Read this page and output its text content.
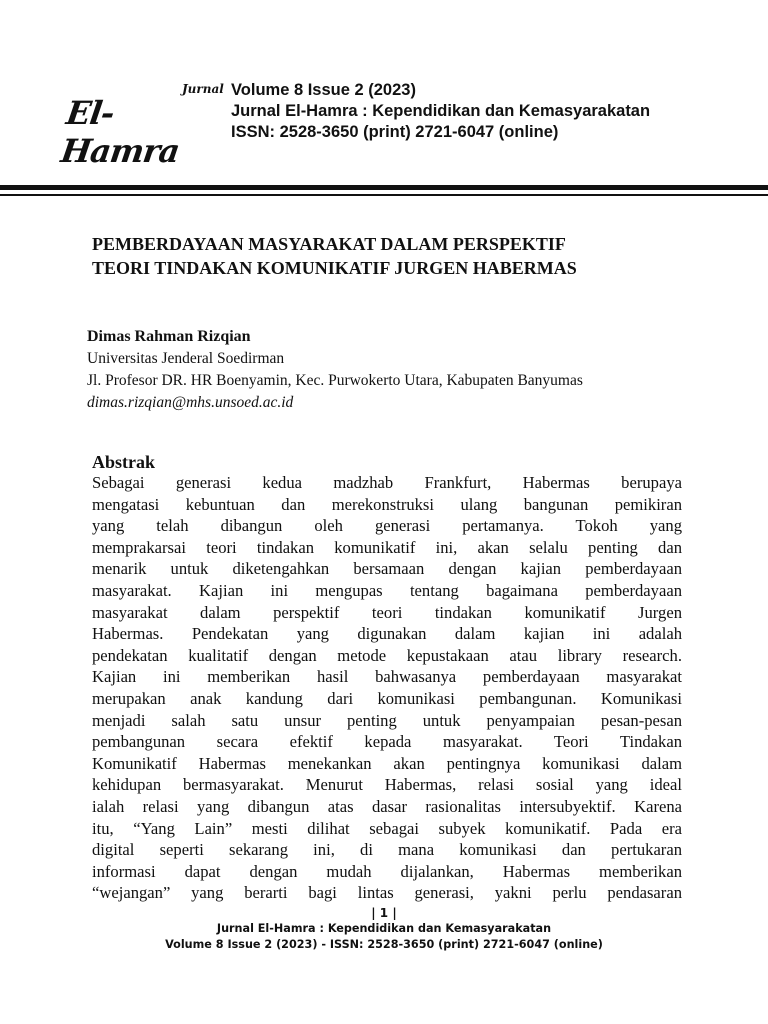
Jurnal
El-Hamra
Volume 8 Issue 2 (2023)
Jurnal El-Hamra : Kependidikan dan Kemasyarakatan
ISSN: 2528-3650 (print) 2721-6047 (online)
PEMBERDAYAAN MASYARAKAT DALAM PERSPEKTIF
TEORI TINDAKAN KOMUNIKATIF JURGEN HABERMAS
Dimas Rahman Rizqian
Universitas Jenderal Soedirman
Jl. Profesor DR. HR Boenyamin, Kec. Purwokerto Utara, Kabupaten Banyumas
dimas.rizqian@mhs.unsoed.ac.id
Abstrak
Sebagai generasi kedua madzhab Frankfurt, Habermas berupaya
mengatasi kebuntuan dan merekonstruksi ulang bangunan pemikiran
yang telah dibangun oleh generasi pertamanya. Tokoh yang
memprakarsai teori tindakan komunikatif ini, akan selalu penting dan
menarik untuk diketengahkan bersamaan dengan kajian pemberdayaan
masyarakat. Kajian ini mengupas tentang bagaimana pemberdayaan
masyarakat dalam perspektif teori tindakan komunikatif Jurgen
Habermas. Pendekatan yang digunakan dalam kajian ini adalah
pendekatan kualitatif dengan metode kepustakaan atau library research.
Kajian ini memberikan hasil bahwasanya pemberdayaan masyarakat
merupakan anak kandung dari komunikasi pembangunan. Komunikasi
menjadi salah satu unsur penting untuk penyampaian pesan-pesan
pembangunan secara efektif kepada masyarakat. Teori Tindakan
Komunikatif Habermas menekankan akan pentingnya komunikasi dalam
kehidupan bermasyarakat. Menurut Habermas, relasi sosial yang ideal
ialah relasi yang dibangun atas dasar rasionalitas intersubyektif. Karena
itu, “Yang Lain” mesti dilihat sebagai subyek komunikatif. Pada era
digital seperti sekarang ini, di mana komunikasi dan pertukaran
informasi dapat dengan mudah dijalankan, Habermas memberikan
“wejangan” yang berarti bagi lintas generasi, yakni perlu pendasaran
| 1 |
Jurnal El-Hamra : Kependidikan dan Kemasyarakatan
Volume 8 Issue 2 (2023) - ISSN: 2528-3650 (print) 2721-6047 (online)
